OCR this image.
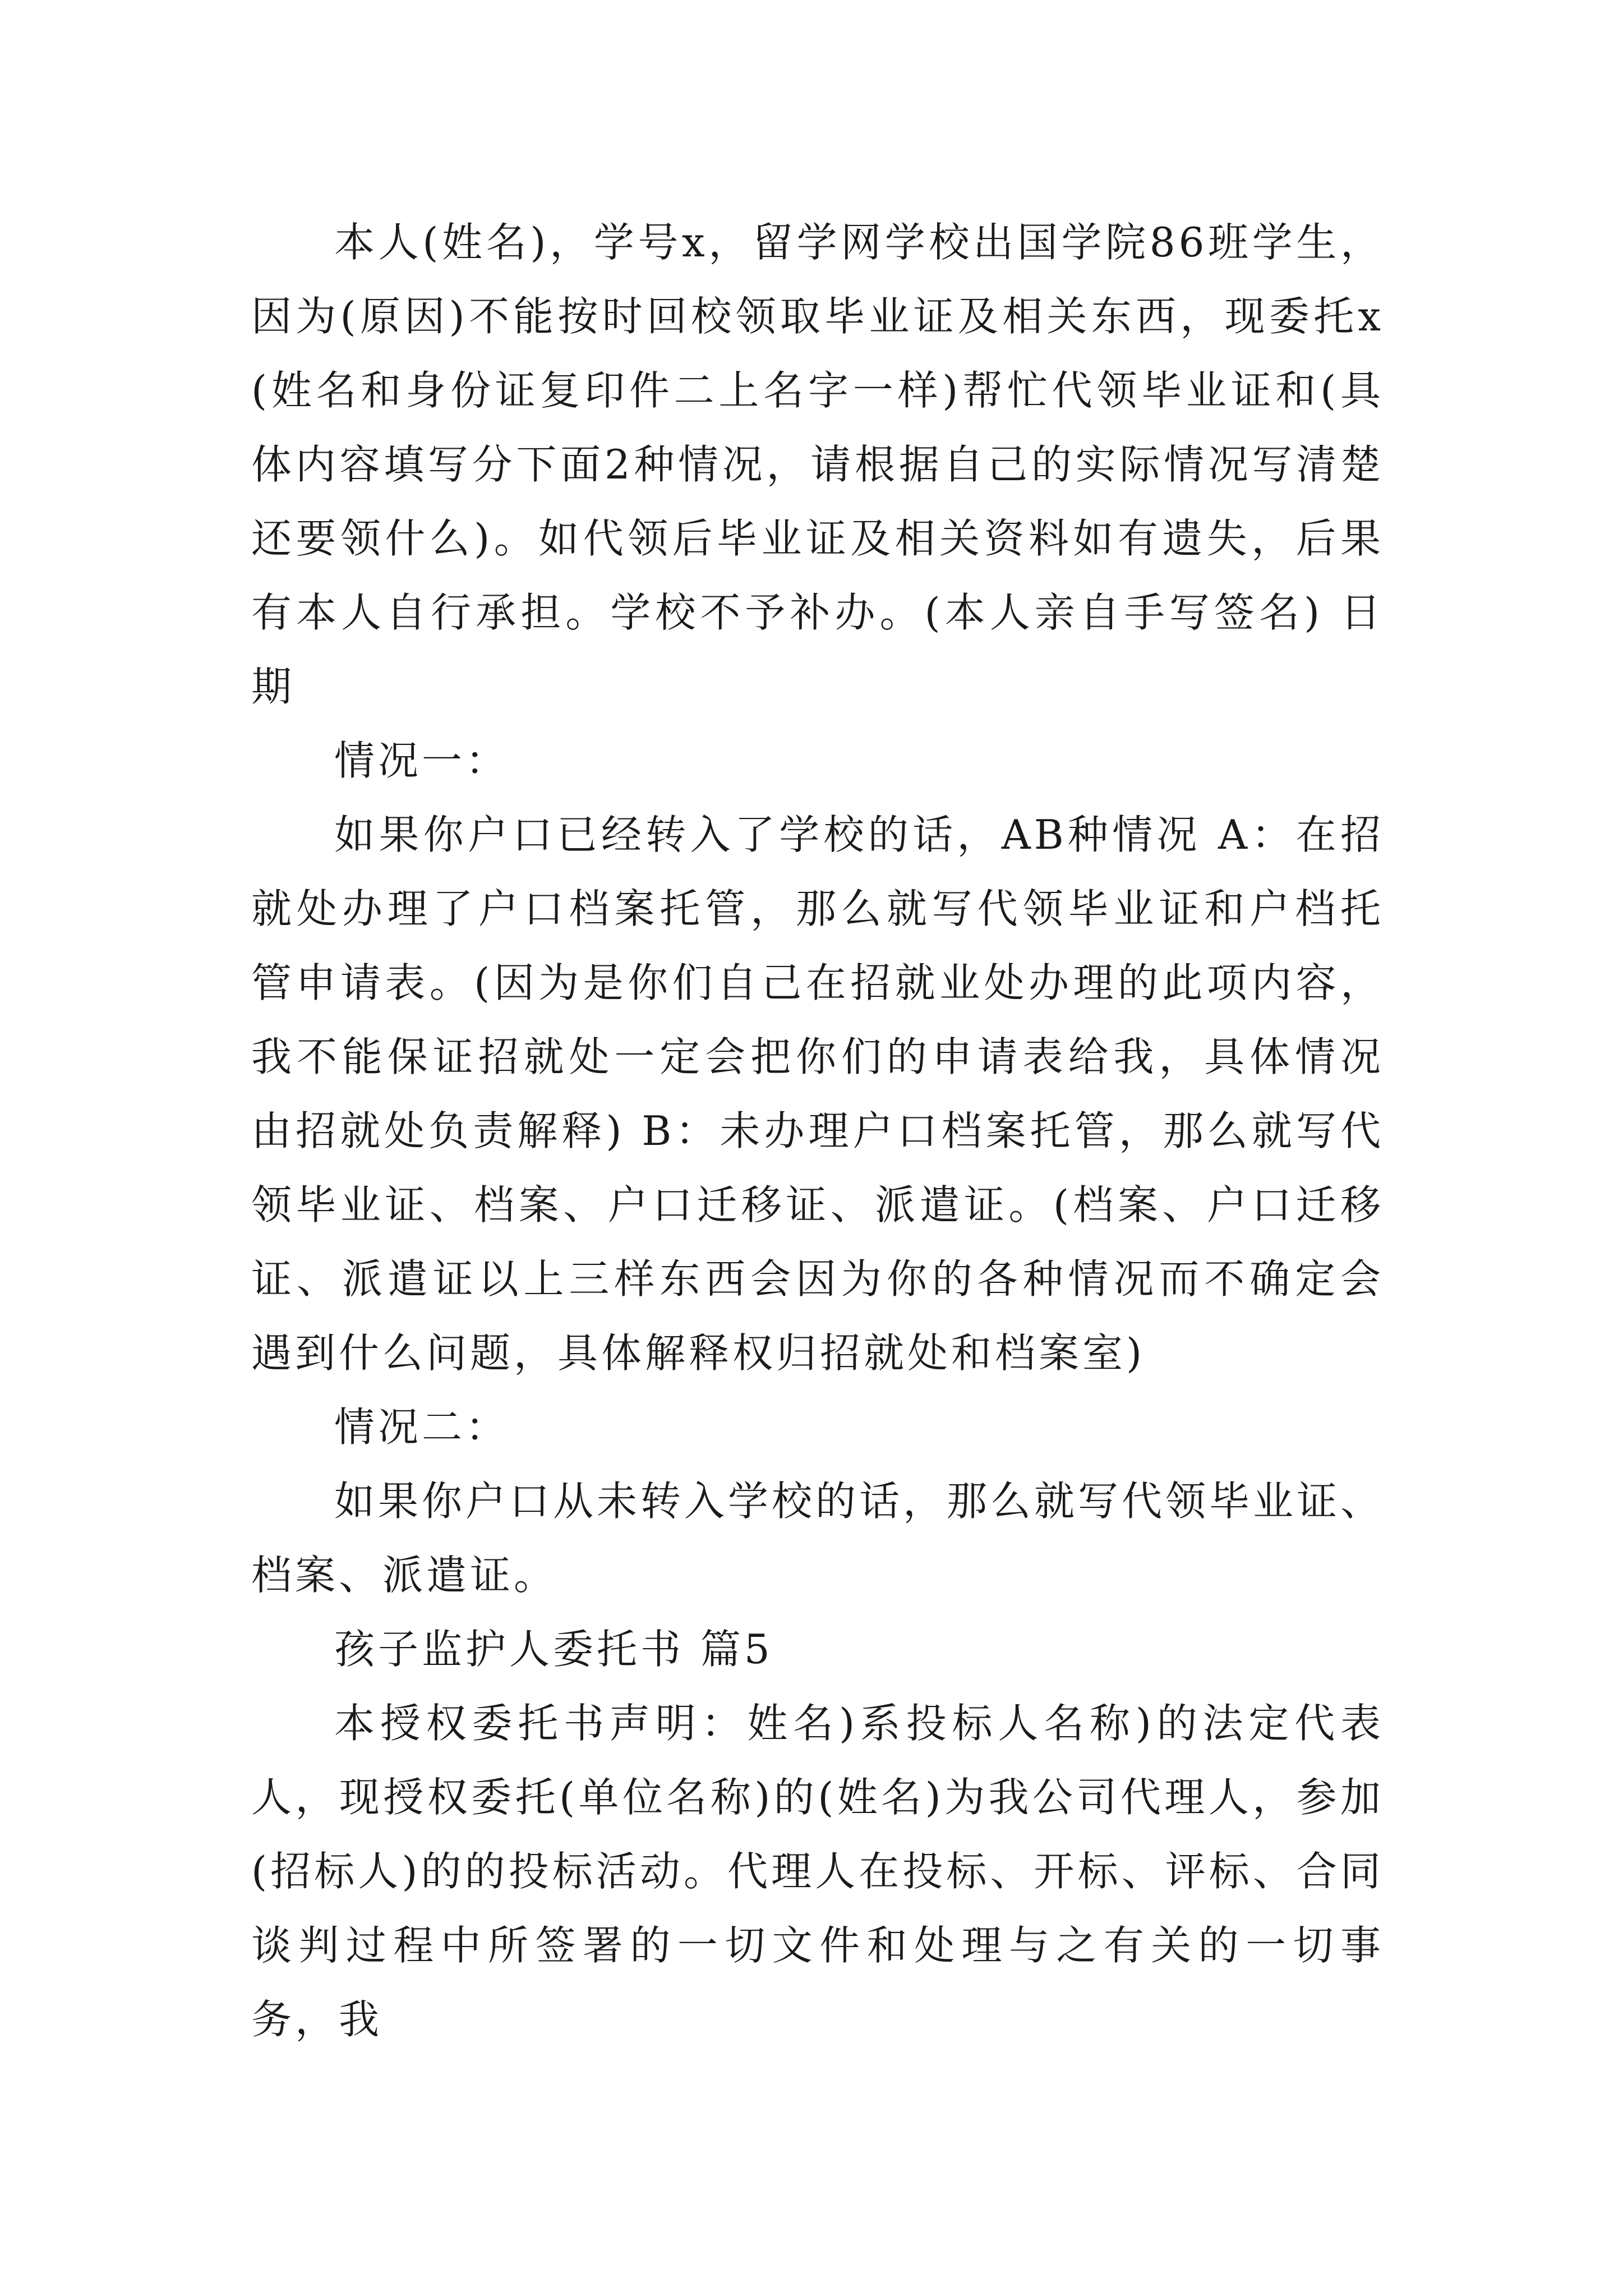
本人(姓名)，学号x，留学网学校出国学院86班学生，因为(原因)不能按时回校领取毕业证及相关东西，现委托x(姓名和身份证复印件二上名字一样)帮忙代领毕业证和(具体内容填写分下面2种情况，请根据自己的实际情况写清楚还要领什么)。如代领后毕业证及相关资料如有遗失，后果有本人自行承担。学校不予补办。(本人亲自手写签名) 日期

情况一：

如果你户口已经转入了学校的话，AB种情况 A：在招就处办理了户口档案托管，那么就写代领毕业证和户档托管申请表。(因为是你们自己在招就业处办理的此项内容，我不能保证招就处一定会把你们的申请表给我，具体情况由招就处负责解释) B：未办理户口档案托管，那么就写代领毕业证、档案、户口迁移证、派遣证。(档案、户口迁移证、派遣证以上三样东西会因为你的各种情况而不确定会遇到什么问题，具体解释权归招就处和档案室)

情况二：

如果你户口从未转入学校的话，那么就写代领毕业证、档案、派遣证。

孩子监护人委托书 篇5

本授权委托书声明：姓名)系投标人名称)的法定代表人，现授权委托(单位名称)的(姓名)为我公司代理人，参加(招标人)的的投标活动。代理人在投标、开标、评标、合同谈判过程中所签署的一切文件和处理与之有关的一切事务，我
